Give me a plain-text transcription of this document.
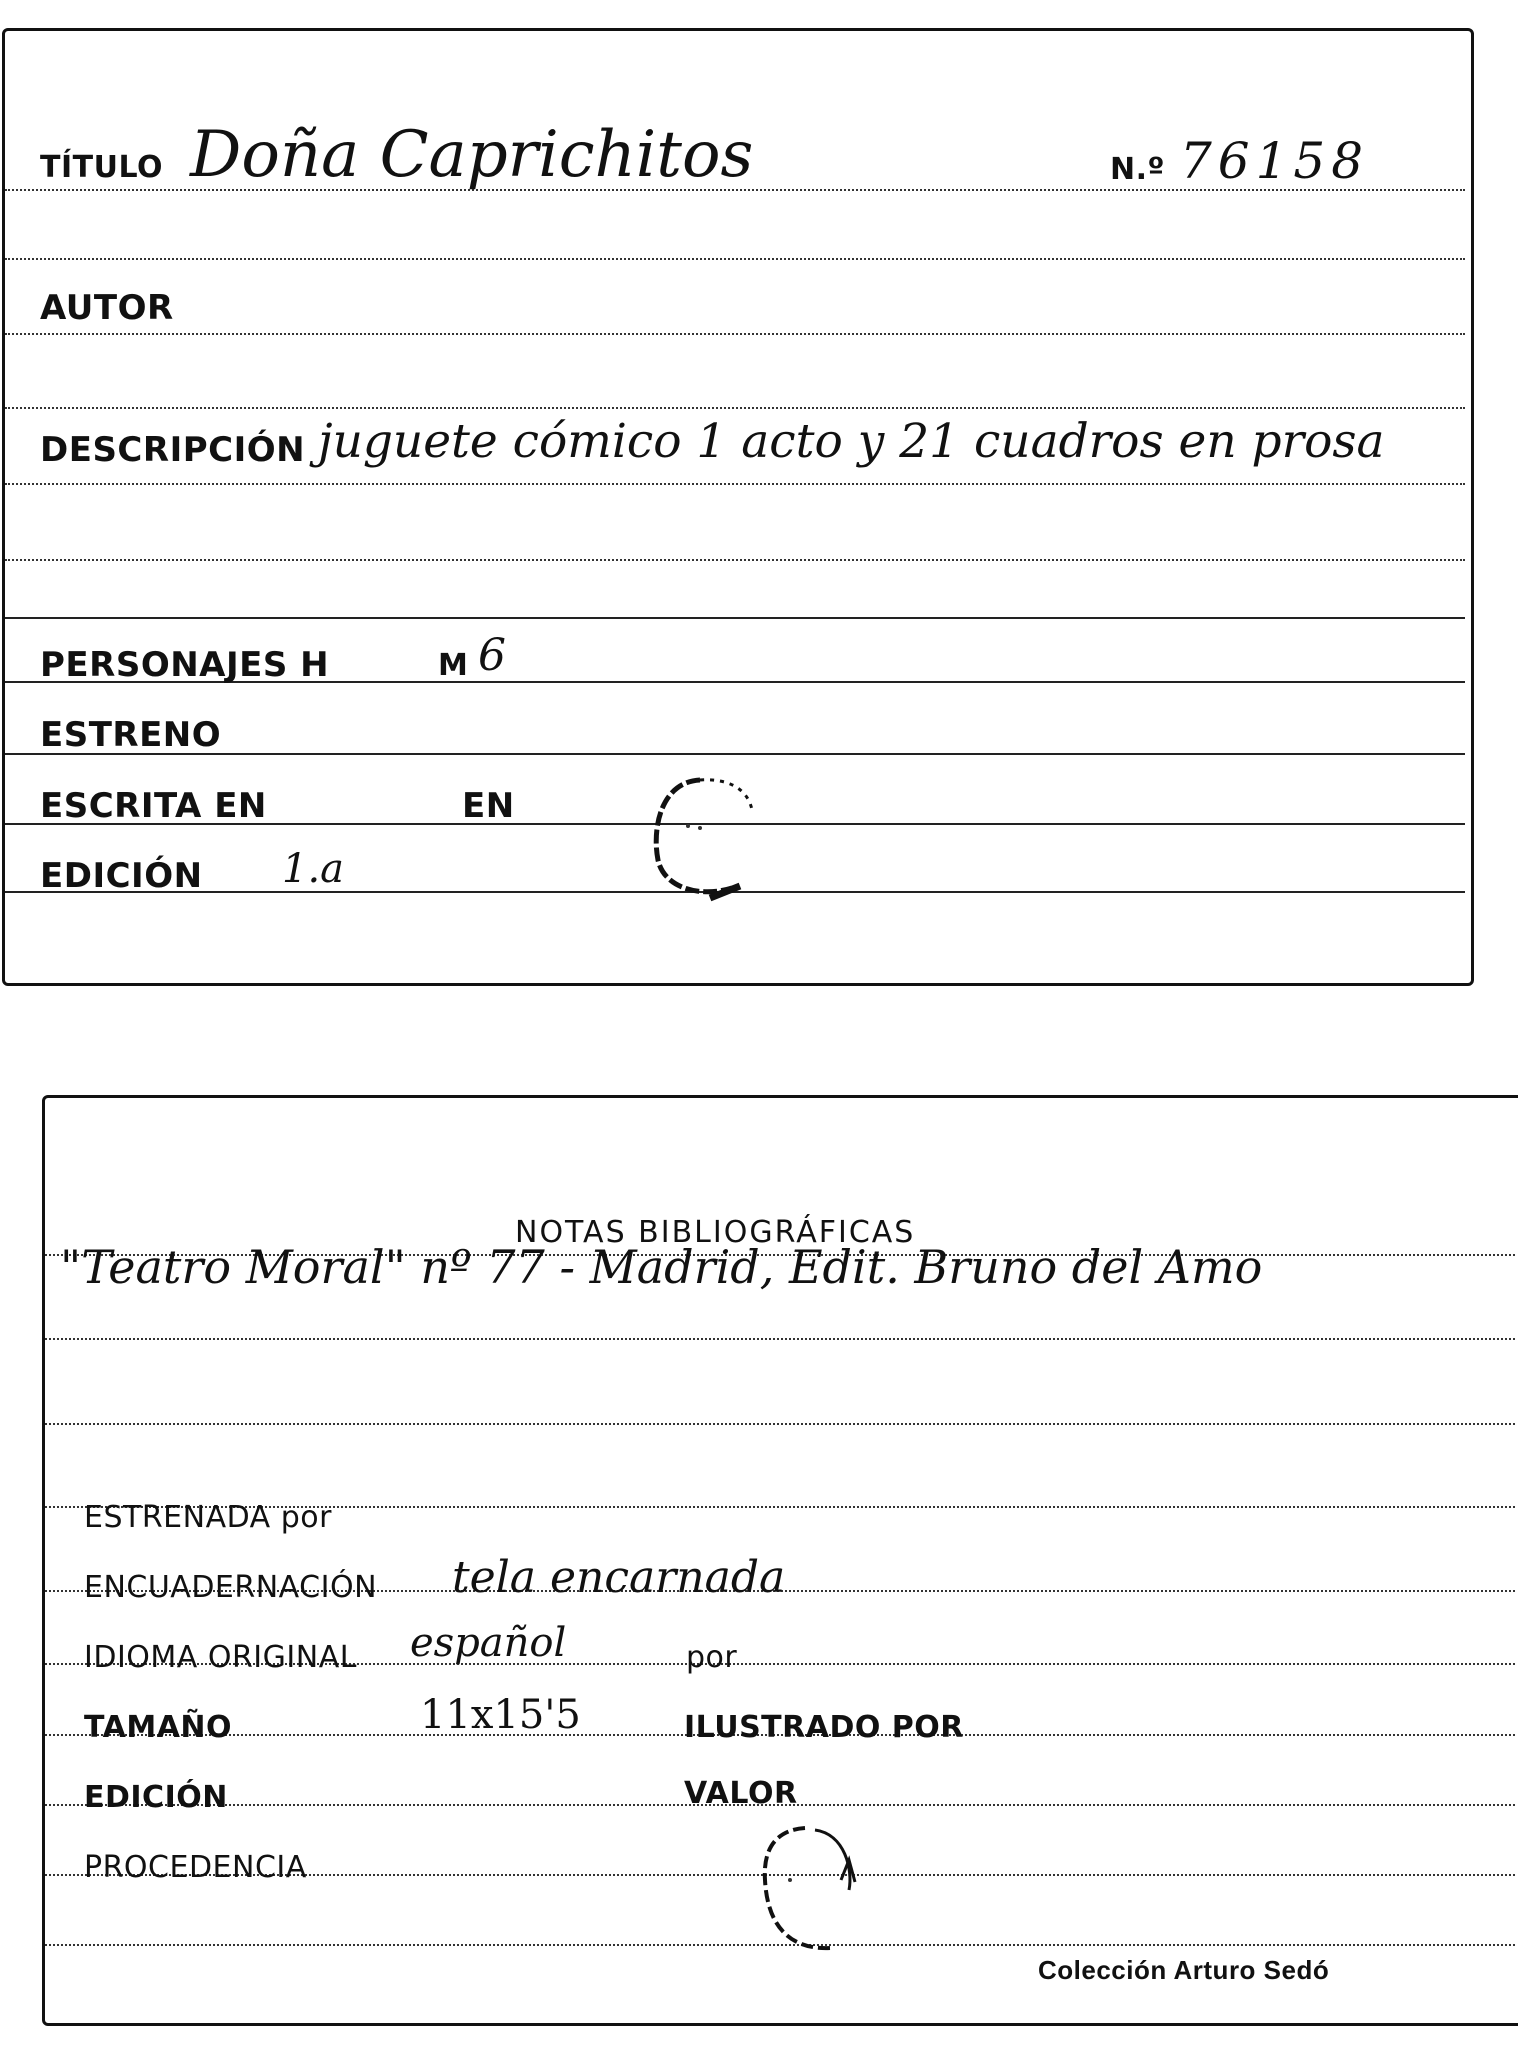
TÍTULO Doña Caprichitos	N.º 76158
AUTOR
DESCRIPCIÓN juguete cómico 1 acto y 21 cuadros en prosa
PERSONAJES H	M 6
ESTRENO
ESCRITA EN	EN
EDICIÓN 1.a
NOTAS BIBLIOGRÁFICAS
"Teatro Moral" nº 77 - Madrid, Edit. Bruno del Amo
ESTRENADA por
ENCUADERNACIÓN tela encarnada
IDIOMA ORIGINAL español	por
TAMAÑO	11x15'5	ILUSTRADO POR
EDICIÓN	VALOR
PROCEDENCIA
Colección Arturo Sedó
